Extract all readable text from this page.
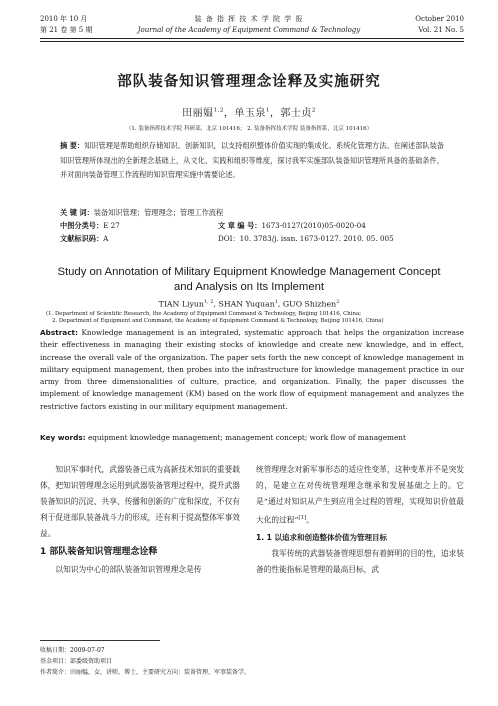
2010 年 10 月
第 21 卷 第 5 期
装 备 指 挥 技 术 学 院 学 报
Journal of the Academy of Equipment Command & Technology
October 2010
Vol. 21 No. 5
部队装备知识管理理念诠释及实施研究
田丽媪$^{1,2}$，单玉泉$^1$，郭士贞$^2$
（1. 装备指挥技术学院 科研部，北京 101416； 2. 装备指挥技术学院 装备指挥系，北京 101416）
摘 要：知识管理是帮助组织存储知识、创新知识，以支持组织整体价值实现的集成化、系统化管理方法。在阐述部队装备知识管理所体现出的全新理念基础上，从文化、实践和组织等维度，探讨我军实施部队装备知识管理所具备的基础条件，并对面向装备管理工作流程的知识管理实施中需要论述。
关 键 词：装备知识管理；管理理念；管理工作流程
中图分类号：E 27	文 章 编 号：1673-0127(2010)05-0020-04
文献标识码：A	DOI：10. 3783/j. issn. 1673-0127. 2010. 05. 005
Study on Annotation of Military Equipment Knowledge Management Concept
and Analysis on Its Implement
TIAN Liyun$^{1, 2}$, SHAN Yuquan$^1$, GUO Shizhen$^2$
(1. Department of Scientific Research, the Academy of Equipment Command & Technology, Beijing 101416, China;
2. Department of Equipment and Command, the Academy of Equipment Command & Technology, Beijing 101416, China)
Abstract: Knowledge management is an integrated, systematic approach that helps the organization increase their effectiveness in managing their existing stocks of knowledge and create new knowledge, and in effect, increase the overall vale of the organization. The paper sets forth the new concept of knowledge management in military equipment management, then probes into the infrastructure for knowledge management practice in our army from three dimensionalities of culture, practice, and organization. Finally, the paper discusses the implement of knowledge management (KM) based on the work flow of equipment management and analyzes the restrictive factors existing in our military equipment management.
Key words: equipment knowledge management; management concept; work flow of management
知识军事时代，武器装备已成为高新技术知识的重要载体，把知识管理理念运用到武器装备管理过程中，提升武器装备知识的沉淀、共享、传播和创新的广度和深度，不仅有利于促进部队装备战斗力的形成，还有利于提高整体军事效益。
1 部队装备知识管理理念诠释
以知识为中心的部队装备知识管理理念是传
统管理理念对新军事形态的适应性变革，这种变革并不是突发的，是建立在对传统管理理念继承和发展基础之上的。它是“通过对知识从产生到应用全过程的管理，实现知识价值最大化的过程”[1]。
1. 1 以追求和创造整体价值为管理目标
我军传统的武器装备管理思想有着鲜明的目的性，追求装备的性能指标是管理的最高目标，武
收稿日期：2009-07-07
基金项目：部委级资助项目
作者简介：田丽媪，女，讲师，博士，主要研究方向：装备管理，军事装备学。
